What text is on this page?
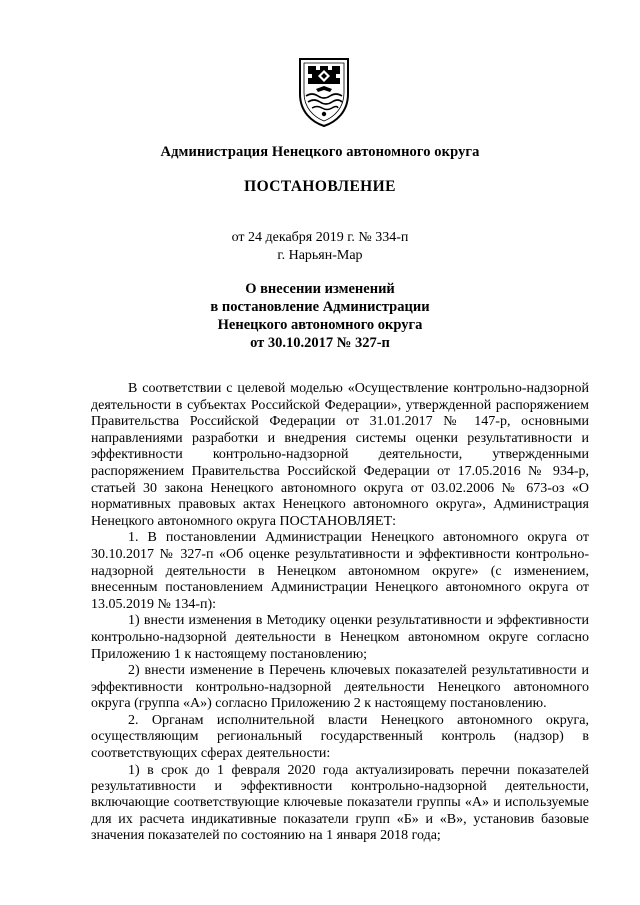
Администрация Ненецкого автономного округа
ПОСТАНОВЛЕНИЕ
от 24 декабря 2019 г. № 334-п
г. Нарьян-Мар
О внесении изменений
в постановление Администрации
Ненецкого автономного округа
от 30.10.2017 № 327-п

В соответствии с целевой моделью «Осуществление контрольно-надзорной деятельности в субъектах Российской Федерации», утвержденной распоряжением Правительства Российской Федерации от 31.01.2017 № 147-р, основными направлениями разработки и внедрения системы оценки результативности и эффективности контрольно-надзорной деятельности, утвержденными распоряжением Правительства Российской Федерации от 17.05.2016 № 934-р, статьей 30 закона Ненецкого автономного округа от 03.02.2006 № 673-оз «О нормативных правовых актах Ненецкого автономного округа», Администрация Ненецкого автономного округа ПОСТАНОВЛЯЕТ:

1. В постановлении Администрации Ненецкого автономного округа от 30.10.2017 № 327-п «Об оценке результативности и эффективности контрольно-надзорной деятельности в Ненецком автономном округе» (с изменением, внесенным постановлением Администрации Ненецкого автономного округа от 13.05.2019 № 134-п):

1) внести изменения в Методику оценки результативности и эффективности контрольно-надзорной деятельности в Ненецком автономном округе согласно Приложению 1 к настоящему постановлению;

2) внести изменение в Перечень ключевых показателей результативности и эффективности контрольно-надзорной деятельности Ненецкого автономного округа (группа «А») согласно Приложению 2 к настоящему постановлению.

2. Органам исполнительной власти Ненецкого автономного округа, осуществляющим региональный государственный контроль (надзор) в соответствующих сферах деятельности:

1) в срок до 1 февраля 2020 года актуализировать перечни показателей результативности и эффективности контрольно-надзорной деятельности, включающие соответствующие ключевые показатели группы «А» и используемые для их расчета индикативные показатели групп «Б» и «В», установив базовые значения показателей по состоянию на 1 января 2018 года;
